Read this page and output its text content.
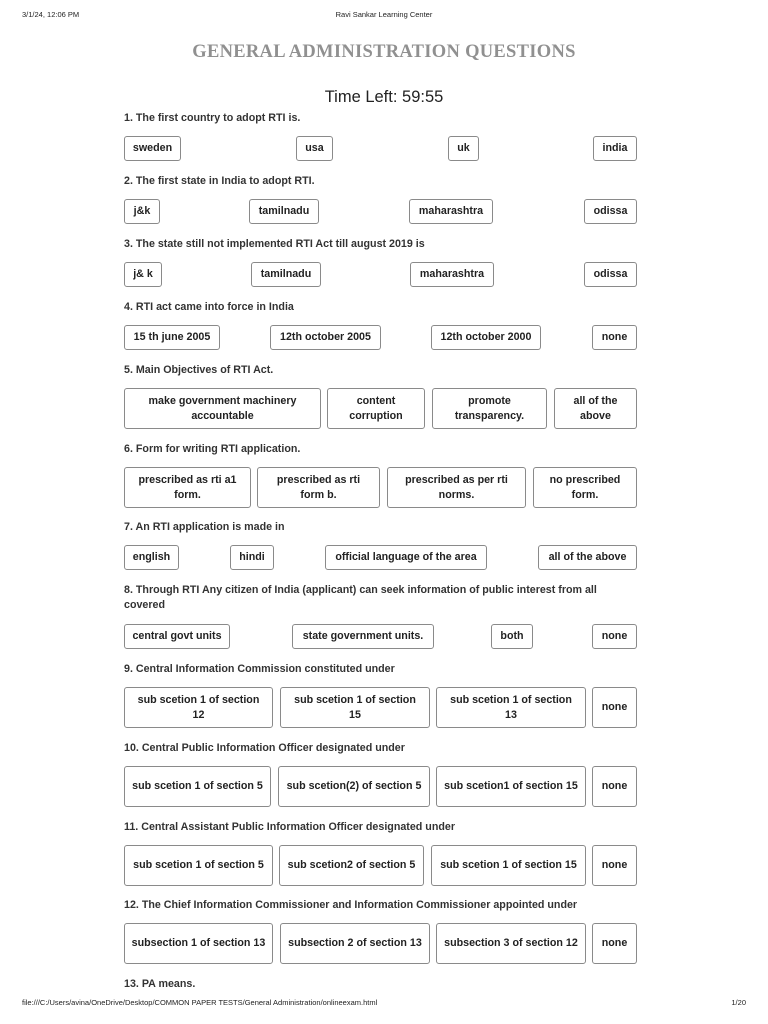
3/1/24, 12:06 PM	Ravi Sankar Learning Center
GENERAL ADMINISTRATION QUESTIONS
Time Left: 59:55
1. The first country to adopt RTI is.
sweden	usa	uk	india
2. The first state in India to adopt RTI.
j&k	tamilnadu	maharashtra	odissa
3. The state still not implemented RTI Act till august 2019 is
j& k	tamilnadu	maharashtra	odissa
4. RTI act came into force in India
15 th june 2005	12th october 2005	12th october 2000	none
5. Main Objectives of RTI Act.
make government machinery accountable
content corruption
promote transparency.
all of the above
6. Form for writing RTI application.
prescribed as rti a1 form.
prescribed as rti form b.
prescribed as per rti norms.
no prescribed form.
7. An RTI application is made in
english	hindi	official language of the area	all of the above
8. Through RTI Any citizen of India (applicant) can seek information of public interest from all covered
central govt units	state government units.	both	none
9. Central Information Commission constituted under
sub scetion 1 of section 12
sub scetion 1 of section 15
sub scetion 1 of section 13
none
10. Central Public Information Officer designated under
sub scetion 1 of section 5	sub scetion(2) of section 5	sub scetion1 of section 15	none
11. Central Assistant Public Information Officer designated under
sub scetion 1 of section 5	sub scetion2 of section 5	sub scetion 1 of section 15	none
12. The Chief Information Commissioner and Information Commissioner appointed under
subsection 1 of section 13	subsection 2 of section 13	subsection 3 of section 12	none
13. PA means.
file:///C:/Users/avina/OneDrive/Desktop/COMMON PAPER TESTS/General Administration/onlineexam.html	1/20
